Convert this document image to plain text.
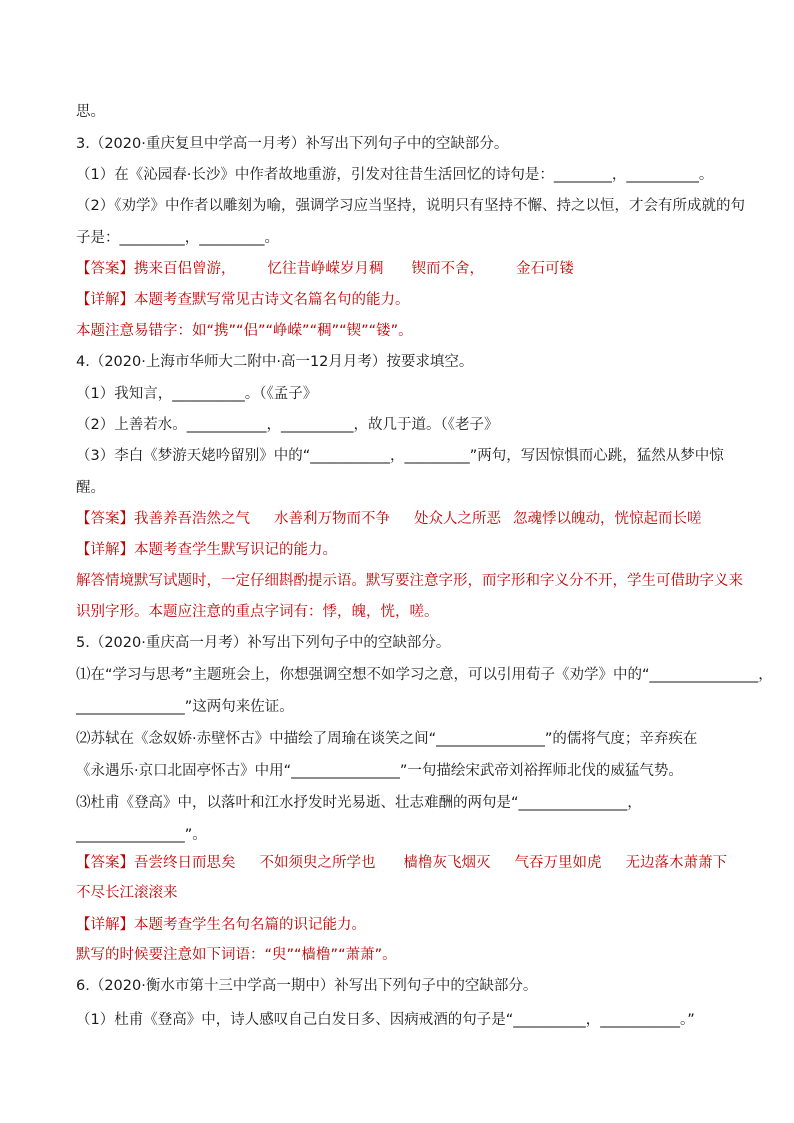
思。
3.（2020·重庆复旦中学高一月考）补写出下列句子中的空缺部分。
（1）在《沁园春·长沙》中作者故地重游，引发对往昔生活回忆的诗句是：________，__________。
（2）《劝学》中作者以雕刻为喻，强调学习应当坚持，说明只有坚持不懈、持之以恒，才会有所成就的句
子是：_________，_________。
【答案】携来百侣曾游， 忆往昔峥嵘岁月稠 锲而不舍， 金石可镂
【详解】本题考查默写常见古诗文名篇名句的能力。
本题注意易错字：如“携”“侣”“峥嵘”“稠”“锲”“镂”。
4.（2020·上海市华师大二附中·高一12月月考）按要求填空。
（1）我知言，__________。（《孟子》
（2）上善若水。___________，__________，故几于道。（《老子》
（3）李白《梦游天姥吟留别》中的“___________，_________”两句，写因惊惧而心跳，猛然从梦中惊
醒。
【答案】我善养吾浩然之气 水善利万物而不争 处众人之所恶 忽魂悸以魄动，恍惊起而长嗟
【详解】本题考查学生默写识记的能力。
解答情境默写试题时，一定仔细斟酌提示语。默写要注意字形，而字形和字义分不开，学生可借助字义来
识别字形。本题应注意的重点字词有：悸，魄，恍，嗟。
5.（2020·重庆高一月考）补写出下列句子中的空缺部分。
⑴在“学习与思考”主题班会上，你想强调空想不如学习之意，可以引用荀子《劝学》中的“_______________，
_______________”这两句来佐证。
⑵苏轼在《念奴娇·赤壁怀古》中描绘了周瑜在谈笑之间“_______________”的儒将气度；辛弃疾在
《永遇乐·京口北固亭怀古》中用“_______________”一句描绘宋武帝刘裕挥师北伐的威猛气势。
⑶杜甫《登高》中，以落叶和江水抒发时光易逝、壮志难酬的两句是“_______________，
_______________”。
【答案】吾尝终日而思矣 不如须臾之所学也 樯橹灰飞烟灭 气吞万里如虎 无边落木萧萧下
不尽长江滚滚来
【详解】本题考查学生名句名篇的识记能力。
默写的时候要注意如下词语：“臾”“樯橹”“萧萧”。
6.（2020·衡水市第十三中学高一期中）补写出下列句子中的空缺部分。
（1）杜甫《登高》中，诗人感叹自己白发日多、因病戒酒的句子是“__________，___________。”
